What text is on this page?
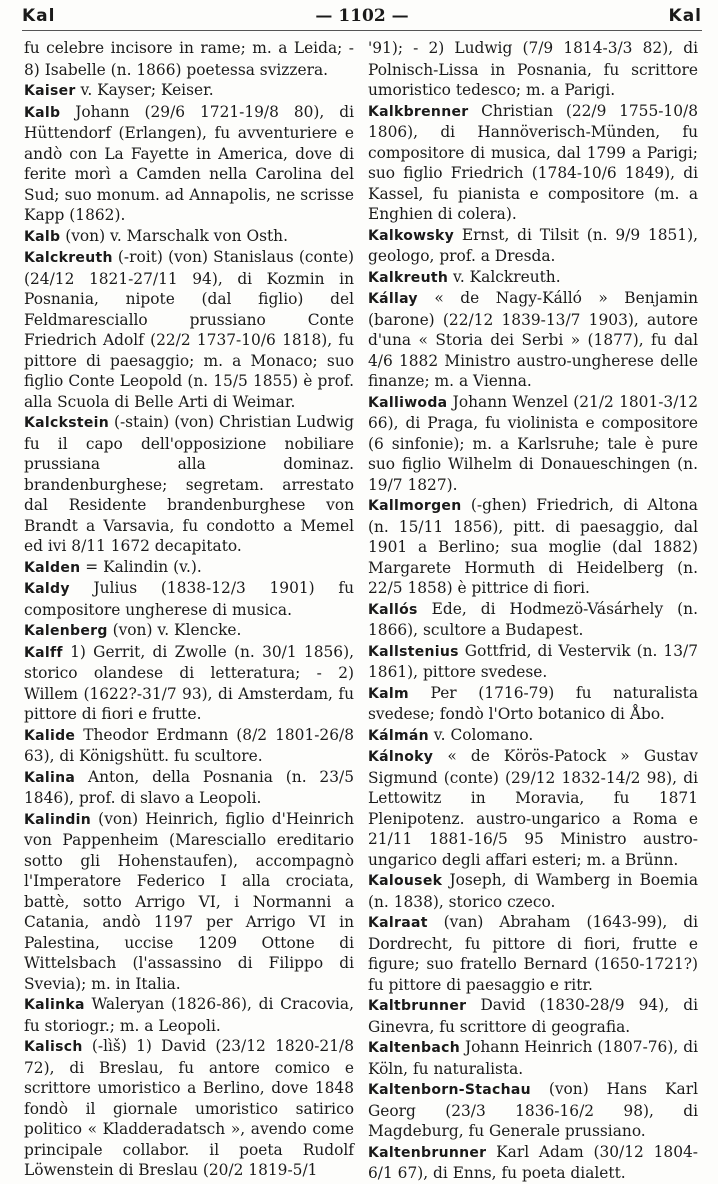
Kal	— 1102 —	Kal

fu celebre incisore in rame; m. a Leida; - 8) Isabelle (n. 1866) poetessa svizzera.

Kaiser v. Kayser; Keiser.

Kalb Johann (29/6 1721-19/8 80), di Hüttendorf (Erlangen), fu avventuriere e andò con La Fayette in America, dove di ferite morì a Camden nella Carolina del Sud; suo monum. ad Annapolis, ne scrisse Kapp (1862).

Kalb (von) v. Marschalk von Osth.

Kalckreuth (-roit) (von) Stanislaus (conte) (24/12 1821-27/11 94), di Kozmin in Posnania, nipote (dal figlio) del Feldmaresciallo prussiano Conte Friedrich Adolf (22/2 1737-10/6 1818), fu pittore di paesaggio; m. a Monaco; suo figlio Conte Leopold (n. 15/5 1855) è prof. alla Scuola di Belle Arti di Weimar.

Kalckstein (-stain) (von) Christian Ludwig fu il capo dell'opposizione nobiliare prussiana alla dominaz. brandenburghese; segretam. arrestato dal Residente brandenburghese von Brandt a Varsavia, fu condotto a Memel ed ivi 8/11 1672 decapitato.

Kalden = Kalindin (v.).

Kaldy Julius (1838-12/3 1901) fu compositore ungherese di musica.

Kalenberg (von) v. Klencke.

Kalff 1) Gerrit, di Zwolle (n. 30/1 1856), storico olandese di letteratura; - 2) Willem (1622?-31/7 93), di Amsterdam, fu pittore di fiori e frutte.

Kalide Theodor Erdmann (8/2 1801-26/8 63), di Königshütt. fu scultore.

Kalina Anton, della Posnania (n. 23/5 1846), prof. di slavo a Leopoli.

Kalindin (von) Heinrich, figlio d'Heinrich von Pappenheim (Maresciallo ereditario sotto gli Hohenstaufen), accompagnò l'Imperatore Federico I alla crociata, battè, sotto Arrigo VI, i Normanni a Catania, andò 1197 per Arrigo VI in Palestina, uccise 1209 Ottone di Wittelsbach (l'assassino di Filippo di Svevia); m. in Italia.

Kalinka Waleryan (1826-86), di Cracovia, fu storiogr.; m. a Leopoli.

Kalisch (-lìš) 1) David (23/12 1820-21/8 72), di Breslau, fu antore comico e scrittore umoristico a Berlino, dove 1848 fondò il giornale umoristico satirico politico « Kladderadatsch », avendo come principale collabor. il poeta Rudolf Löwenstein di Breslau (20/2 1819-5/1

'91); - 2) Ludwig (7/9 1814-3/3 82), di Polnisch-Lissa in Posnania, fu scrittore umoristico tedesco; m. a Parigi.

Kalkbrenner Christian (22/9 1755-10/8 1806), di Hannöverisch-Münden, fu compositore di musica, dal 1799 a Parigi; suo figlio Friedrich (1784-10/6 1849), di Kassel, fu pianista e compositore (m. a Enghien di colera).

Kalkowsky Ernst, di Tilsit (n. 9/9 1851), geologo, prof. a Dresda.

Kalkreuth v. Kalckreuth.

Kállay « de Nagy-Kálló » Benjamin (barone) (22/12 1839-13/7 1903), autore d'una « Storia dei Serbi » (1877), fu dal 4/6 1882 Ministro austro-ungherese delle finanze; m. a Vienna.

Kalliwoda Johann Wenzel (21/2 1801-3/12 66), di Praga, fu violinista e compositore (6 sinfonie); m. a Karlsruhe; tale è pure suo figlio Wilhelm di Donaueschingen (n. 19/7 1827).

Kallmorgen (-ghen) Friedrich, di Altona (n. 15/11 1856), pitt. di paesaggio, dal 1901 a Berlino; sua moglie (dal 1882) Margarete Hormuth di Heidelberg (n. 22/5 1858) è pittrice di fiori.

Kallós Ede, di Hodmezö-Vásárhely (n. 1866), scultore a Budapest.

Kallstenius Gottfrid, di Vestervik (n. 13/7 1861), pittore svedese.

Kalm Per (1716-79) fu naturalista svedese; fondò l'Orto botanico di Åbo.

Kálmán v. Colomano.

Kálnoky « de Körös-Patock » Gustav Sigmund (conte) (29/12 1832-14/2 98), di Lettowitz in Moravia, fu 1871 Plenipotenz. austro-ungarico a Roma e 21/11 1881-16/5 95 Ministro austro-ungarico degli affari esteri; m. a Brünn.

Kalousek Joseph, di Wamberg in Boemia (n. 1838), storico czeco.

Kalraat (van) Abraham (1643-99), di Dordrecht, fu pittore di fiori, frutte e figure; suo fratello Bernard (1650-1721?) fu pittore di paesaggio e ritr.

Kaltbrunner David (1830-28/9 94), di Ginevra, fu scrittore di geografia.

Kaltenbach Johann Heinrich (1807-76), di Köln, fu naturalista.

Kaltenborn-Stachau (von) Hans Karl Georg (23/3 1836-16/2 98), di Magdeburg, fu Generale prussiano.

Kaltenbrunner Karl Adam (30/12 1804-6/1 67), di Enns, fu poeta dialett.
